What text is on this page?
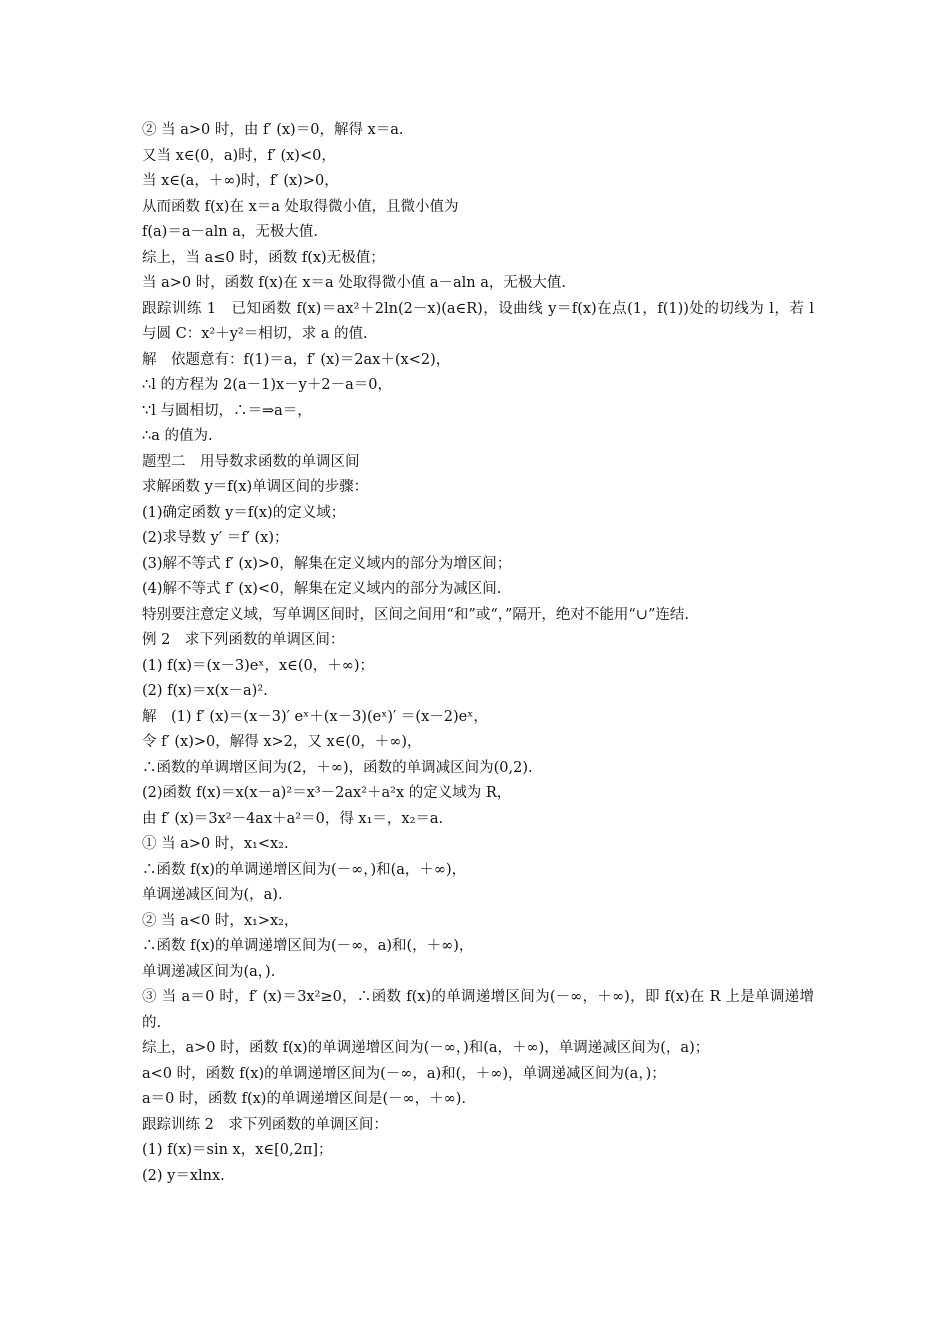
② 当 a>0 时，由 f′ (x)＝0，解得 x＝a.

又当 x∈(0，a)时，f′ (x)<0，

当 x∈(a，＋∞)时，f′ (x)>0，

从而函数 f(x)在 x＝a 处取得微小值，且微小值为

f(a)＝a－aln a，无极大值.

综上，当 a≤0 时，函数 f(x)无极值；

当 a>0 时，函数 f(x)在 x＝a 处取得微小值 a－aln a，无极大值.

跟踪训练 1　已知函数 f(x)＝ax²＋2ln(2－x)(a∈R)，设曲线 y＝f(x)在点(1，f(1))处的切线为 l，若 l 与圆 C：x²＋y²＝相切，求 a 的值.

解　依题意有：f(1)＝a，f′ (x)＝2ax＋(x<2)，

∴l 的方程为 2(a－1)x－y＋2－a＝0，

∵l 与圆相切，∴＝⇒a＝，

∴a 的值为.

题型二　用导数求函数的单调区间

求解函数 y＝f(x)单调区间的步骤：

(1)确定函数 y＝f(x)的定义域；

(2)求导数 y′ ＝f′ (x)；

(3)解不等式 f′ (x)>0，解集在定义域内的部分为增区间；

(4)解不等式 f′ (x)<0，解集在定义域内的部分为减区间.

特别要注意定义域，写单调区间时，区间之间用“和”或“，”隔开，绝对不能用“∪”连结.

例 2　求下列函数的单调区间：

(1) f(x)＝(x－3)eˣ，x∈(0，＋∞)；

(2) f(x)＝x(x－a)².

解　(1) f′ (x)＝(x－3)′ eˣ＋(x－3)(eˣ)′ ＝(x－2)eˣ，

令 f′ (x)>0，解得 x>2，又 x∈(0，＋∞)，

∴函数的单调增区间为(2，＋∞)，函数的单调减区间为(0,2).

(2)函数 f(x)＝x(x－a)²＝x³－2ax²＋a²x 的定义域为 R，

由 f′ (x)＝3x²－4ax＋a²＝0，得 x₁＝，x₂＝a.

① 当 a>0 时，x₁<x₂.

∴函数 f(x)的单调递增区间为(－∞，)和(a，＋∞)，

单调递减区间为(，a).

② 当 a<0 时，x₁>x₂，

∴函数 f(x)的单调递增区间为(－∞，a)和(，＋∞)，

单调递减区间为(a，).

③ 当 a＝0 时，f′ (x)＝3x²≥0，∴函数 f(x)的单调递增区间为(－∞，＋∞)，即 f(x)在 R 上是单调递增的.

综上，a>0 时，函数 f(x)的单调递增区间为(－∞，)和(a，＋∞)，单调递减区间为(，a)；

a<0 时，函数 f(x)的单调递增区间为(－∞，a)和(，＋∞)，单调递减区间为(a，)；

a＝0 时，函数 f(x)的单调递增区间是(－∞，＋∞).

跟踪训练 2　求下列函数的单调区间：

(1) f(x)＝sin x，x∈[0,2π]；

(2) y＝xlnx.
